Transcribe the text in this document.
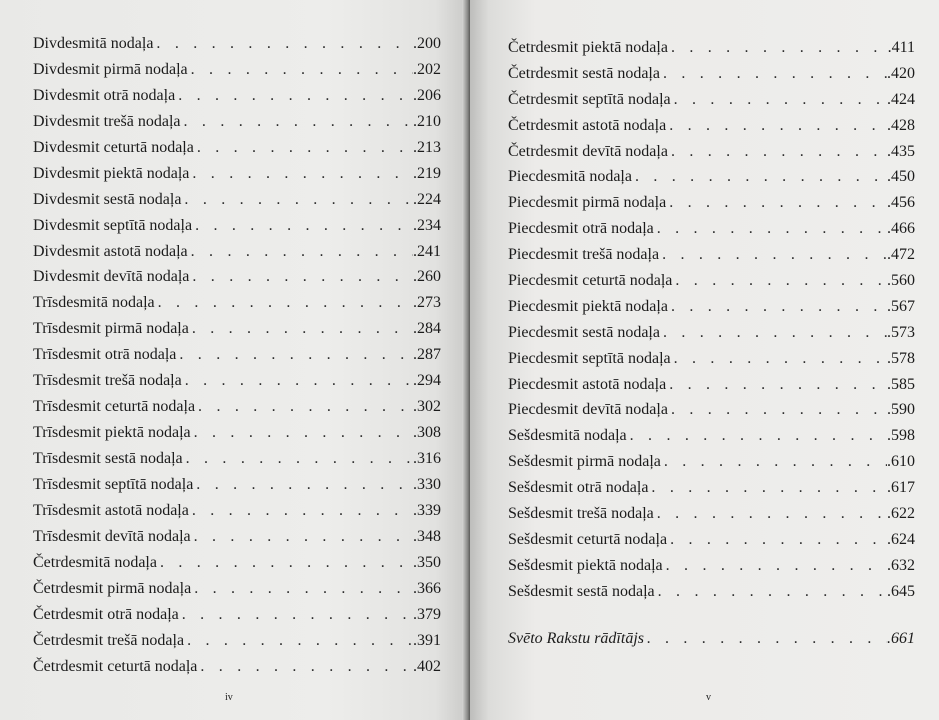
Divdesmitā nodaļa . . .	. 200
Divdesmit pirmā nodaļa . . .	. 202
Divdesmit otrā nodaļa . . .	. 206
Divdesmit trešā nodaļa . . .	. 210
Divdesmit ceturtā nodaļa . . .	. 213
Divdesmit piektā nodaļa . . .	. 219
Divdesmit sestā nodaļa . . .	. 224
Divdesmit septītā nodaļa . . .	. 234
Divdesmit astotā nodaļa . . .	. 241
Divdesmit devītā nodaļa . . .	. 260
Trīsdesmitā nodaļa . . .	. 273
Trīsdesmit pirmā nodaļa . . .	. 284
Trīsdesmit otrā nodaļa . . .	. 287
Trīsdesmit trešā nodaļa . . .	. 294
Trīsdesmit ceturtā nodaļa . . .	. 302
Trīsdesmit piektā nodaļa . . .	. 308
Trīsdesmit sestā nodaļa . . .	. 316
Trīsdesmit septītā nodaļa . . .	. 330
Trīsdesmit astotā nodaļa . . .	. 339
Trīsdesmit devītā nodaļa . . .	. 348
Četrdesmitā nodaļa . . .	. 350
Četrdesmit pirmā nodaļa . . .	. 366
Četrdesmit otrā nodaļa . . .	. 379
Četrdesmit trešā nodaļa . . .	. 391
Četrdesmit ceturtā nodaļa . . .	. 402
iv
Četrdesmit piektā nodaļa . . .	. 411
Četrdesmit sestā nodaļa . . .	. 420
Četrdesmit septītā nodaļa . . .	. 424
Četrdesmit astotā nodaļa . . .	. 428
Četrdesmit devītā nodaļa . . .	. 435
Piecdesmitā nodaļa . . .	. 450
Piecdesmit pirmā nodaļa . . .	. 456
Piecdesmit otrā nodaļa . . .	. 466
Piecdesmit trešā nodaļa . . .	. 472
Piecdesmit ceturtā nodaļa . . .	. 560
Piecdesmit piektā nodaļa . . .	. 567
Piecdesmit sestā nodaļa . . .	. 573
Piecdesmit septītā nodaļa . . .	. 578
Piecdesmit astotā nodaļa . . .	. 585
Piecdesmit devītā nodaļa . . .	. 590
Sešdesmitā nodaļa . . .	. 598
Sešdesmit pirmā nodaļa . . .	. 610
Sešdesmit otrā nodaļa . . .	. 617
Sešdesmit trešā nodaļa . . .	. 622
Sešdesmit ceturtā nodaļa . . .	. 624
Sešdesmit piektā nodaļa . . .	. 632
Sešdesmit sestā nodaļa . . .	. 645
Svēto Rakstu rādītājs . . .	. 661
v
